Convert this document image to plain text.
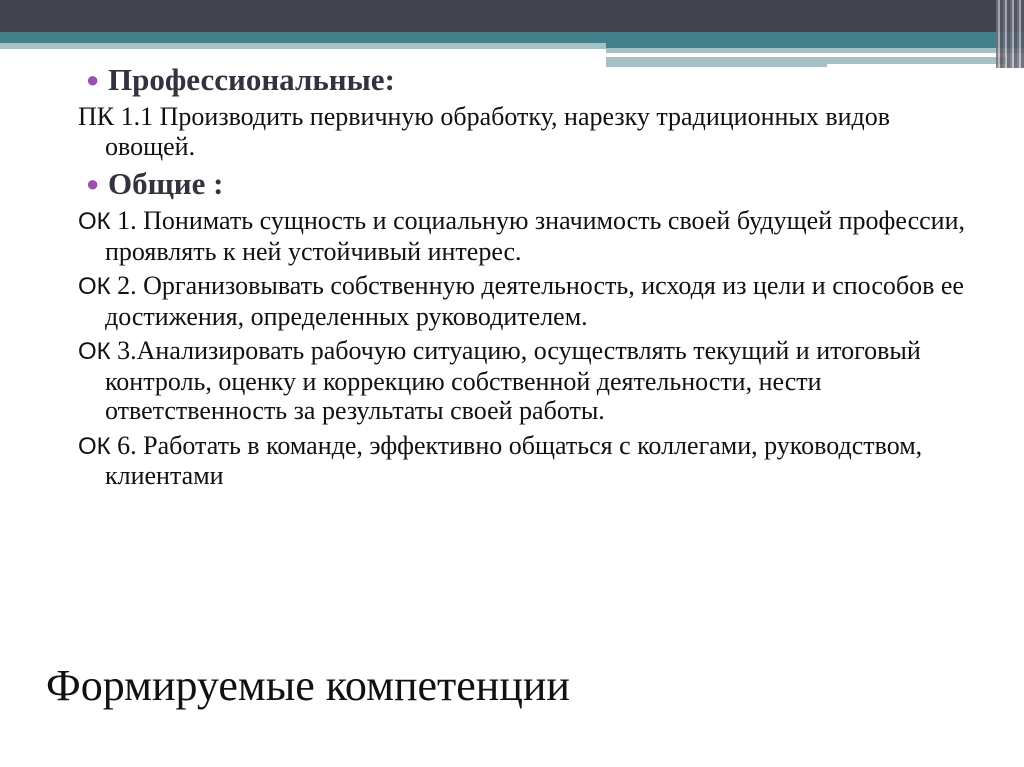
● Профессиональные:

ПК 1.1 Производить первичную обработку, нарезку традиционных видов овощей.

● Общие :

ОК 1. Понимать сущность и социальную значимость своей будущей профессии, проявлять к ней устойчивый интерес.

ОК 2. Организовывать собственную деятельность, исходя из цели и способов ее достижения, определенных руководителем.

ОК 3.Анализировать рабочую ситуацию, осуществлять текущий и итоговый контроль, оценку и коррекцию собственной деятельности, нести ответственность за результаты своей работы.

ОК 6. Работать в команде, эффективно общаться с коллегами, руководством, клиентами

Формируемые компетенции
